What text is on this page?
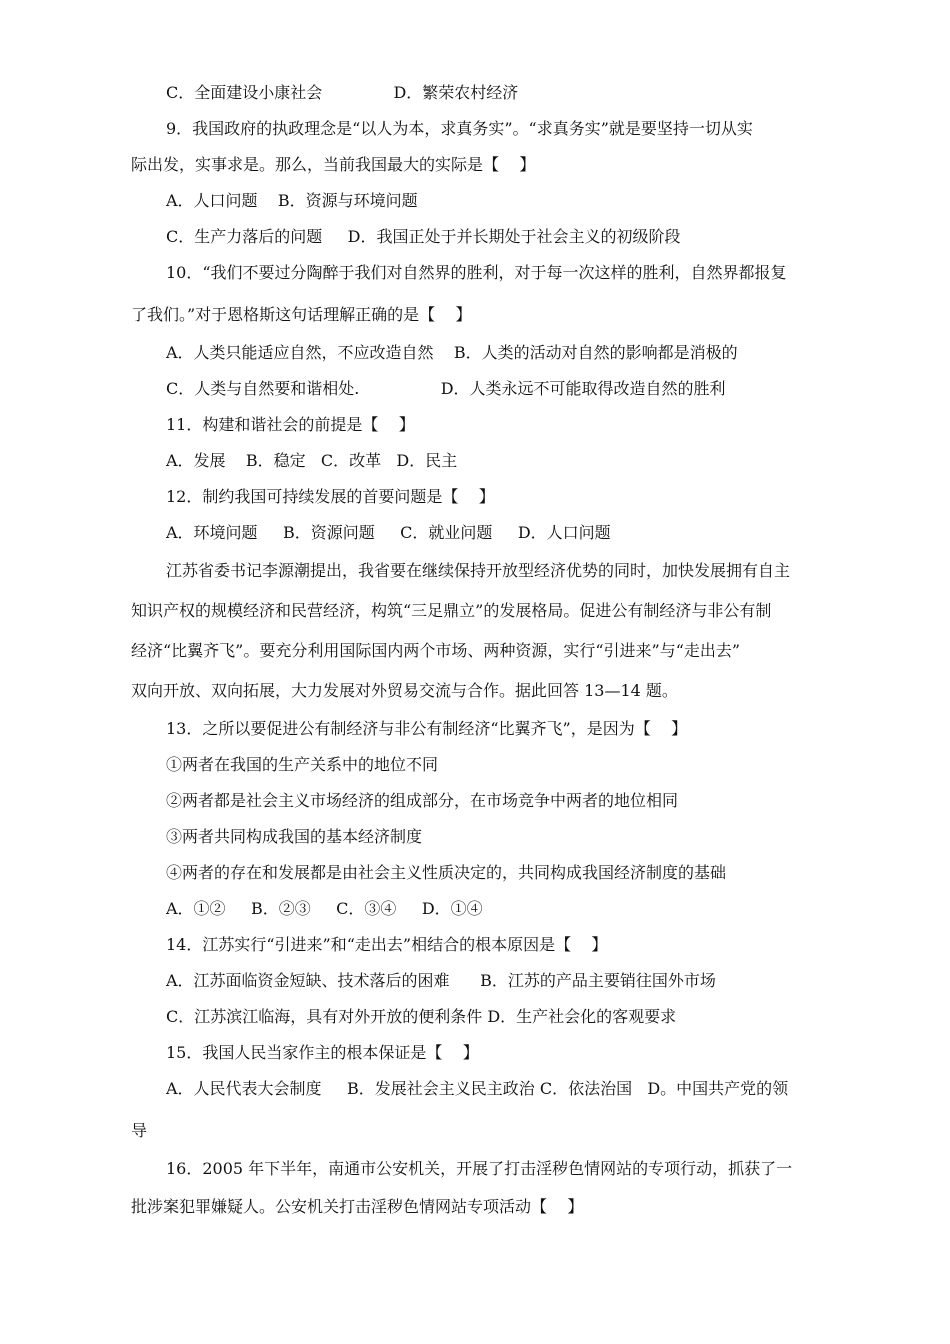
C．全面建设小康社会              D．繁荣农村经济
9．我国政府的执政理念是“以人为本，求真务实”。“求真务实”就是要坚持一切从实
际出发，实事求是。那么，当前我国最大的实际是【    】
A．人口问题    B．资源与环境问题
C．生产力落后的问题     D．我国正处于并长期处于社会主义的初级阶段
10．“我们不要过分陶醉于我们对自然界的胜利，对于每一次这样的胜利，自然界都报复
了我们。”对于恩格斯这句话理解正确的是【    】
A．人类只能适应自然，不应改造自然    B．人类的活动对自然的影响都是消极的
C．人类与自然要和谐相处.                D．人类永远不可能取得改造自然的胜利
11．构建和谐社会的前提是【    】
A．发展    B．稳定   C．改革   D．民主
12．制约我国可持续发展的首要问题是【    】
A．环境问题     B．资源问题     C．就业问题     D．人口问题
江苏省委书记李源潮提出，我省要在继续保持开放型经济优势的同时，加快发展拥有自主
知识产权的规模经济和民营经济，构筑“三足鼎立”的发展格局。促进公有制经济与非公有制
经济“比翼齐飞”。要充分利用国际国内两个市场、两种资源，实行“引进来”与“走出去”
双向开放、双向拓展，大力发展对外贸易交流与合作。据此回答 13—14 题。
13．之所以要促进公有制经济与非公有制经济“比翼齐飞”，是因为【    】
①两者在我国的生产关系中的地位不同
②两者都是社会主义市场经济的组成部分，在市场竞争中两者的地位相同
③两者共同构成我国的基本经济制度
④两者的存在和发展都是由社会主义性质决定的，共同构成我国经济制度的基础
A．①②     B．②③     C．③④     D．①④
14．江苏实行“引进来”和“走出去”相结合的根本原因是【    】
A．江苏面临资金短缺、技术落后的困难      B．江苏的产品主要销往国外市场
C．江苏滨江临海，具有对外开放的便利条件 D．生产社会化的客观要求
15．我国人民当家作主的根本保证是【    】
A．人民代表大会制度     B．发展社会主义民主政治 C．依法治国   D。中国共产党的领
导
16．2005 年下半年，南通市公安机关，开展了打击淫秽色情网站的专项行动，抓获了一
批涉案犯罪嫌疑人。公安机关打击淫秽色情网站专项活动【    】
